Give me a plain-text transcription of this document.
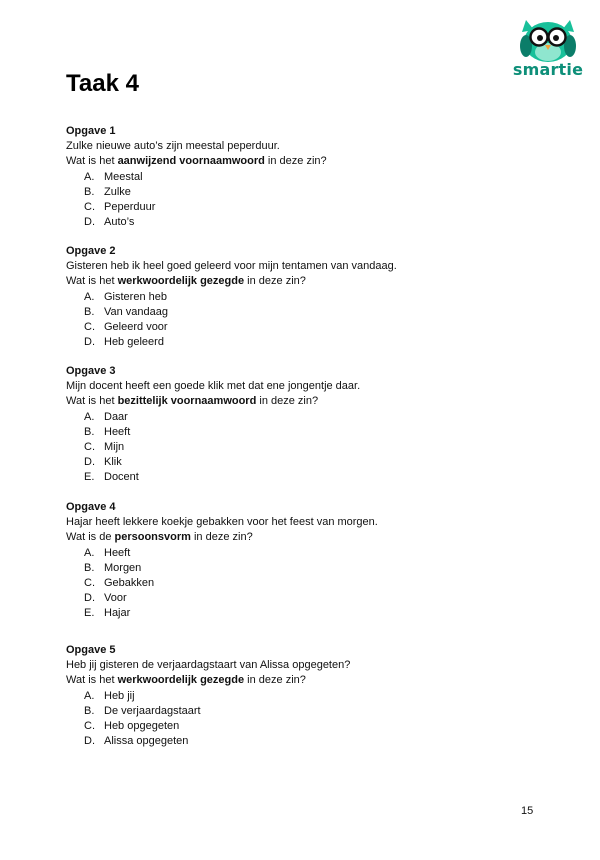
smartie
Taak 4
Opgave 1
Zulke nieuwe auto’s zijn meestal peperduur.
Wat is het aanwijzend voornaamwoord in deze zin?
A. Meestal
B. Zulke
C. Peperduur
D. Auto’s
Opgave 2
Gisteren heb ik heel goed geleerd voor mijn tentamen van vandaag.
Wat is het werkwoordelijk gezegde in deze zin?
A. Gisteren heb
B. Van vandaag
C. Geleerd voor
D. Heb geleerd
Opgave 3
Mijn docent heeft een goede klik met dat ene jongentje daar.
Wat is het bezittelijk voornaamwoord in deze zin?
A. Daar
B. Heeft
C. Mijn
D. Klik
E. Docent
Opgave 4
Hajar heeft lekkere koekje gebakken voor het feest van morgen.
Wat is de persoonsvorm in deze zin?
A. Heeft
B. Morgen
C. Gebakken
D. Voor
E. Hajar
Opgave 5
Heb jij gisteren de verjaardagstaart van Alissa opgegeten?
Wat is het werkwoordelijk gezegde in deze zin?
A. Heb jij
B. De verjaardagstaart
C. Heb opgegeten
D. Alissa opgegeten
15
